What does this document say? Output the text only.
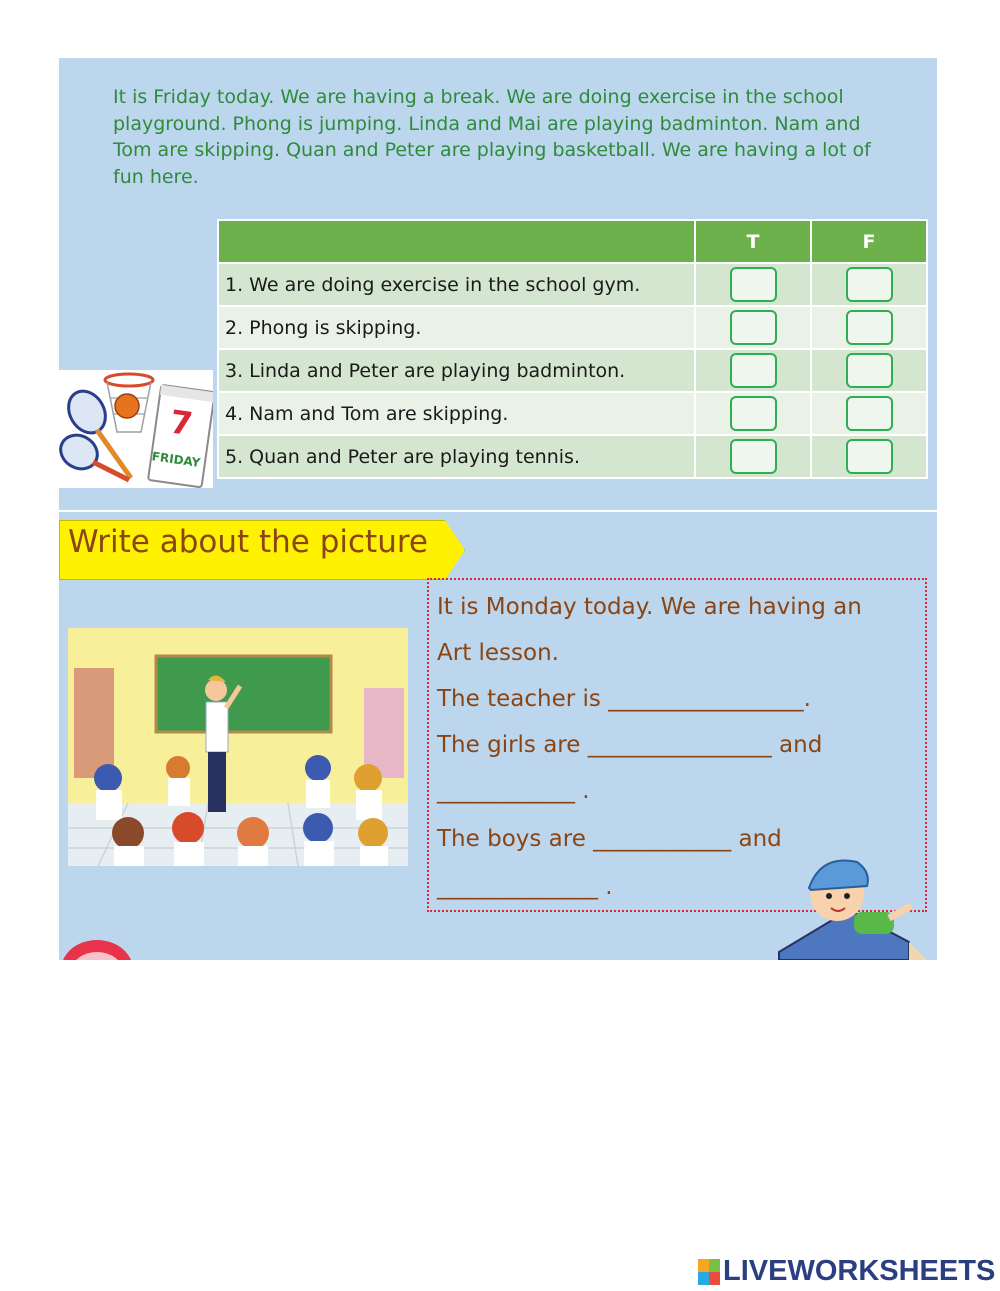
It is Friday today. We are having a break. We are doing exercise in the school playground. Phong is jumping. Linda and Mai are playing badminton. Nam and Tom are skipping. Quan and Peter are playing basketball. We are having a lot of fun here.
	T	F
1. We are doing exercise in the school gym.		
2. Phong is skipping.		
3. Linda and Peter are playing badminton.		
4. Nam and Tom are skipping.		
5. Quan and Peter are playing tennis.		
7
FRIDAY
Write about the picture
It is Monday today. We are having an
Art lesson.
The teacher is _________________.
The girls are ________________ and
____________ .
The boys are ____________ and
______________ .
LIVEWORKSHEETS
